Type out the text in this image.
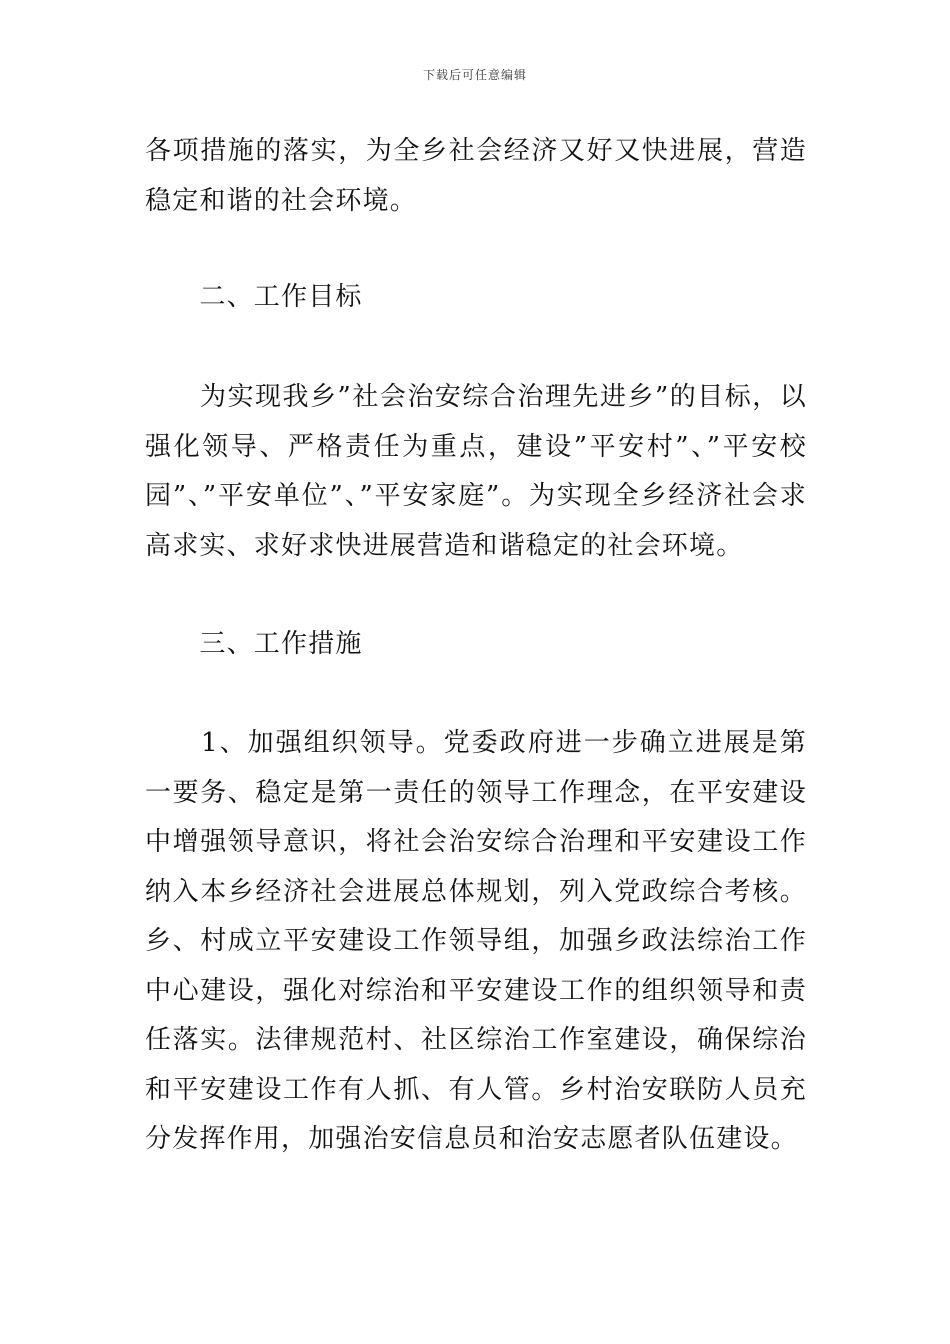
下载后可任意编辑

各项措施的落实，为全乡社会经济又好又快进展，营造稳定和谐的社会环境。

　　二、工作目标

　　为实现我乡”社会治安综合治理先进乡”的目标，以强化领导、严格责任为重点，建设”平安村”、”平安校园”、”平安单位”、”平安家庭”。为实现全乡经济社会求高求实、求好求快进展营造和谐稳定的社会环境。

　　三、工作措施

　　1、加强组织领导。党委政府进一步确立进展是第一要务、稳定是第一责任的领导工作理念，在平安建设中增强领导意识，将社会治安综合治理和平安建设工作纳入本乡经济社会进展总体规划，列入党政综合考核。乡、村成立平安建设工作领导组，加强乡政法综治工作中心建设，强化对综治和平安建设工作的组织领导和责任落实。法律规范村、社区综治工作室建设，确保综治和平安建设工作有人抓、有人管。乡村治安联防人员充分发挥作用，加强治安信息员和治安志愿者队伍建设。
